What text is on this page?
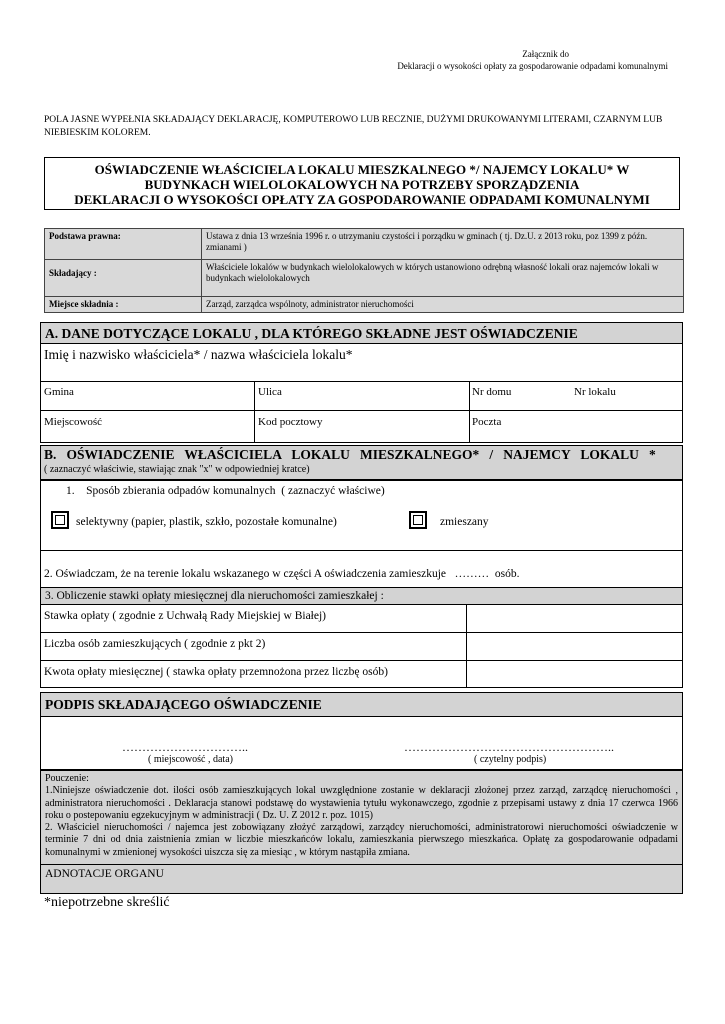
Załącznik do
Deklaracji o wysokości opłaty za gospodarowanie odpadami komunalnymi
POLA JASNE WYPEŁNIA SKŁADAJĄCY DEKLARACJĘ, KOMPUTEROWO LUB RECZNIE, DUŻYMI DRUKOWANYMI LITERAMI, CZARNYM LUB NIEBIESKIM KOLOREM.
OŚWIADCZENIE WŁAŚCICIELA LOKALU MIESZKALNEGO */ NAJEMCY LOKALU* W
BUDYNKACH WIELOLOKALOWYCH NA POTRZEBY SPORZĄDZENIA
DEKLARACJI O WYSOKOŚCI OPŁATY ZA GOSPODAROWANIE ODPADAMI KOMUNALNYMI
Podstawa prawna:	Ustawa z dnia 13 września 1996 r. o utrzymaniu czystości i porządku w gminach ( tj. Dz.U. z 2013 roku, poz 1399 z późn. zmianami )
Składający :	Właściciele lokalów w budynkach wielolokalowych w których ustanowiono odrębną własność lokali oraz najemców lokali w budynkach wielolokalowych
Miejsce składnia :	Zarząd, zarządca wspólnoty, administrator nieruchomości
A. DANE DOTYCZĄCE LOKALU , DLA KTÓREGO SKŁADNE JEST OŚWIADCZENIE
Imię i nazwisko właściciela* / nazwa właściciela lokalu*
Gmina	Ulica	Nr domu	Nr lokalu
Miejscowość	Kod pocztowy	Poczta
B.   OŚWIADCZENIE   WŁAŚCICIELA   LOKALU   MIESZKALNEGO*   /   NAJEMCY   LOKALU   *
( zaznaczyć właściwie, stawiając znak "x" w odpowiedniej kratce)
1.    Sposób zbierania odpadów komunalnych  ( zaznaczyć właściwe)
selektywny (papier, plastik, szkło, pozostałe komunalne)	zmieszany
2. Oświadczam, że na terenie lokalu wskazanego w części A oświadczenia zamieszkuje   ………  osób.
3. Obliczenie stawki opłaty miesięcznej dla nieruchomości zamieszkałej :
Stawka opłaty ( zgodnie z Uchwałą Rady Miejskiej w Białej)
Liczba osób zamieszkujących ( zgodnie z pkt 2)
Kwota opłaty miesięcznej ( stawka opłaty przemnożona przez liczbę osób)
PODPIS SKŁADAJĄCEGO OŚWIADCZENIE
…………………………..
( miejscowość , data)
……………………………………………..
( czytelny podpis)
Pouczenie:
1.Niniejsze oświadczenie dot. ilości osób zamieszkujących lokal uwzględnione zostanie w deklaracji złożonej przez zarząd, zarządcę nieruchomości , administratora nieruchomości . Deklaracja stanowi podstawę do wystawienia tytułu wykonawczego, zgodnie z przepisami ustawy z dnia 17 czerwca 1966 roku o postepowaniu egzekucyjnym w administracji ( Dz. U. Z 2012 r. poz. 1015)
2. Właściciel nieruchomości / najemca jest zobowiązany złożyć zarządowi, zarządcy nieruchomości, administratorowi nieruchomości oświadczenie w terminie 7 dni od dnia zaistnienia zmian w liczbie mieszkańców lokalu, zamieszkania pierwszego mieszkańca. Opłatę za gospodarowanie odpadami komunalnymi w zmienionej wysokości uiszcza się za miesiąc , w którym nastąpiła zmiana.
ADNOTACJE ORGANU
*niepotrzebne skreślić
